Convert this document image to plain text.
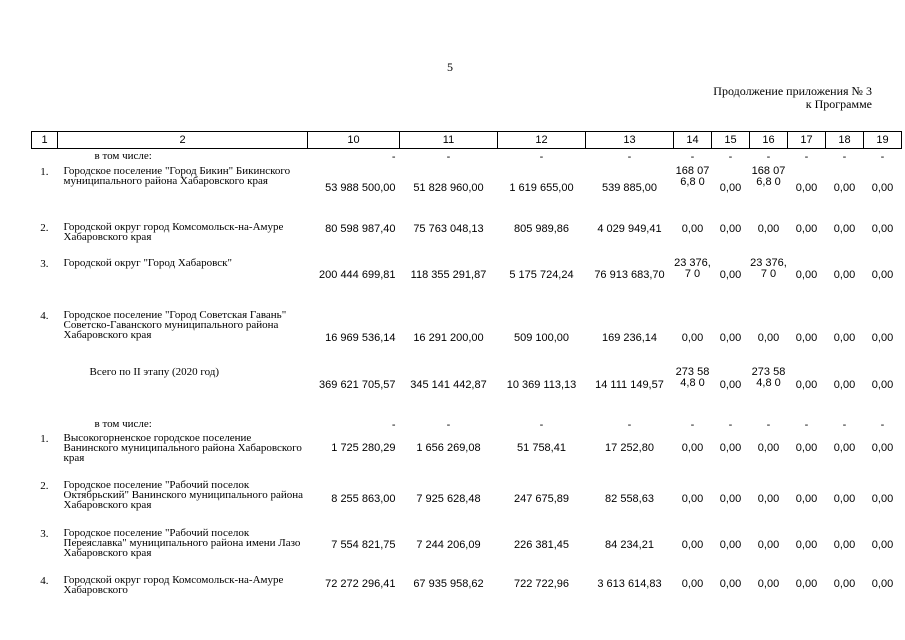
5
Продолжение приложения № 3
к Программе
1	2	10	11	12	13	14	15	16	17	18	19
	в том числе:	-	-	-	-	-	-	-	-	-	-
1.	Городское поселение "Город Бикин" Бикинского муниципального района Хабаровского края	53 988 500,00	51 828 960,00	1 619 655,00	539 885,00	168 076,8 0	0,00	168 076,8 0	0,00	0,00	0,00
2.	Городской округ город Комсомольск-на-Амуре Хабаровского края	80 598 987,40	75 763 048,13	805 989,86	4 029 949,41	0,00	0,00	0,00	0,00	0,00	0,00
3.	Городской округ "Город Хабаровск"	200 444 699,81	118 355 291,87	5 175 724,24	76 913 683,70	23 376,7 0	0,00	23 376,7 0	0,00	0,00	0,00
4.	Городское поселение "Город Советская Гавань" Советско-Гаванского муниципального района Хабаровского края	16 969 536,14	16 291 200,00	509 100,00	169 236,14	0,00	0,00	0,00	0,00	0,00	0,00
	Всего по II этапу (2020 год)	369 621 705,57	345 141 442,87	10 369 113,13	14 111 149,57	273 584,8 0	0,00	273 584,8 0	0,00	0,00	0,00
	в том числе:	-	-	-	-	-	-	-	-	-	-
1.	Высокогорненское городское поселение Ванинского муниципального района Хабаровского края	1 725 280,29	1 656 269,08	51 758,41	17 252,80	0,00	0,00	0,00	0,00	0,00	0,00
2.	Городское поселение "Рабочий поселок Октябрьский" Ванинского муниципального района Хабаровского края	8 255 863,00	7 925 628,48	247 675,89	82 558,63	0,00	0,00	0,00	0,00	0,00	0,00
3.	Городское поселение "Рабочий поселок Переяславка" муниципального района имени Лазо Хабаровского края	7 554 821,75	7 244 206,09	226 381,45	84 234,21	0,00	0,00	0,00	0,00	0,00	0,00
4.	Городской округ город Комсомольск-на-Амуре Хабаровского	72 272 296,41	67 935 958,62	722 722,96	3 613 614,83	0,00	0,00	0,00	0,00	0,00	0,00
